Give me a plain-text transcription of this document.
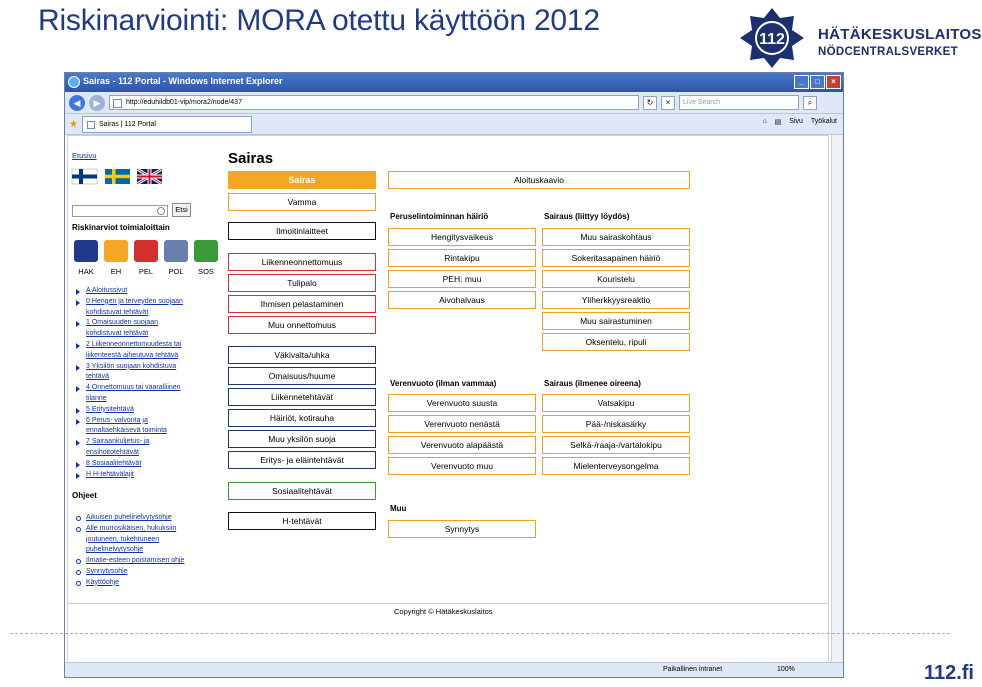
Riskinarviointi: MORA otettu käyttöön 2012
112 HÄTÄKESKUSLAITOS
NÖDCENTRALSVERKET
Sairas - 112 Portal - Windows Internet Explorer	_	□	×
◀	▶	http://eduhildb01-vip/mora2/node/437	↻	×	Live Search	⌕
★	Sairas | 112 Portal	⌂ ▤ Sivu Työkalut
Etusivu
Etsi
Riskinarviot toimialoittain
HAK	EH	PEL	POL	SOS
A Aloitussivut
0 Hengen ja terveyden suojaan
kohdistuvat tehtävät
1 Omaisuuden suojaan
kohdistuvat tehtävät
2 Liikenneonnettomuudesta tai
liikenteestä aiheutuva tehtävä
3 Yksilön suojaan kohdistuva
tehtävä
4 Onnettomuus tai vaaralliinen
tilanne
5 Eritysitehtävä
6 Perus- valvonta ja
ennaltaehkäisevä toiminta
7 Sairaankuljetus- ja
ensihoitotehtävät
8 Sosiaalitehtävät
H H-tehtävälajit
Ohjeet
Aikuisen puhelinelvytysohje
Alle murrosikäisen, hukuksiin
joutuneen, tukehtuneen
puhelinelvytysohje
Ilmatie-esteen poistamisen ohje
Synnytysohje
Käyttöohje
Sairas
Sairas
Vamma
Ilmoitinlaitteet
Liikenneonnettomuus
Tulipalo
Ihmisen pelastaminen
Muu onnettomuus
Väkivalta/uhka
Omaisuus/huume
Liikennetehtävät
Häiriöt, kotirauha
Muu yksilön suoja
Eritys- ja eläintehtävät
Sosiaalitehtävät
H-tehtävät
Aloituskaavio
Peruselintoiminnan häiriö	Sairaus (liittyy löydös)
Verenvuoto (ilman vammaa)	Sairaus (ilmenee oireena)
Muu
Hengitysvaikeus
Rintakipu
PEH: muu
Aivohalvaus
Muu sairaskohtaus
Sokeritasapainen häiriö
Kouristelu
Yliherkkyysreaktio
Muu sairastuminen
Oksentelu, ripuli
Verenvuoto suusta
Verenvuoto nenästä
Verenvuoto alapäästä
Verenvuoto muu
Vatsakipu
Pää-/niskasärky
Selkä-/raaja-/vartalokipu
Mielenterveysongelma
Synnytys
Copyright © Hätäkeskuslaitos
Paikallinen intranet	100%	112.fi
